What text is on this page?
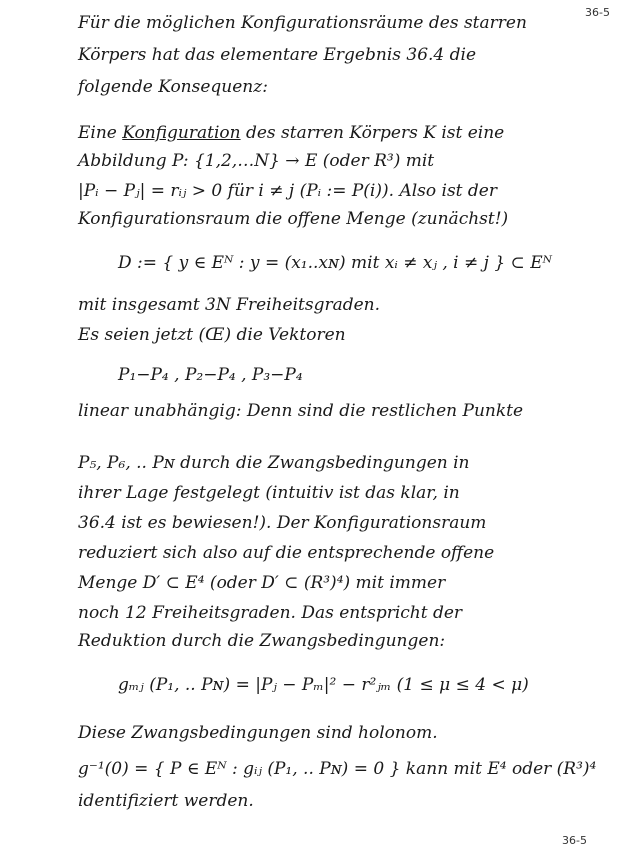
36-5
Für die möglichen Konfigurationsräume des starren
Körpers hat das elementare Ergebnis 36.4 die
folgende Konsequenz:
Eine Konfiguration des starren Körpers K ist eine
Abbildung P: {1,2,…N} → E (oder R³) mit
|Pᵢ − Pⱼ| = rᵢⱼ > 0 für i ≠ j (Pᵢ := P(i)). Also ist der
Konfigurationsraum die offene Menge (zunächst!)
D := { y ∈ Eᴺ : y = (x₁..xɴ) mit xᵢ ≠ xⱼ , i ≠ j } ⊂ Eᴺ
mit insgesamt 3N Freiheitsgraden.
Es seien jetzt (Œ) die Vektoren
P₁−P₄ , P₂−P₄ , P₃−P₄
linear unabhängig: Denn sind die restlichen Punkte
P₅, P₆, .. Pɴ durch die Zwangsbedingungen in
ihrer Lage festgelegt (intuitiv ist das klar, in
36.4 ist es bewiesen!). Der Konfigurationsraum
reduziert sich also auf die entsprechende offene
Menge D′ ⊂ E⁴ (oder D′ ⊂ (R³)⁴) mit immer
noch 12 Freiheitsgraden. Das entspricht der
Reduktion durch die Zwangsbedingungen:
gₘⱼ (P₁, .. Pɴ) = |Pⱼ − Pₘ|² − r²ⱼₘ (1 ≤ μ ≤ 4 < μ)
Diese Zwangsbedingungen sind holonom.
g⁻¹(0) = { P ∈ Eᴺ : gᵢⱼ (P₁, .. Pɴ) = 0 } kann mit E⁴ oder (R³)⁴
identifiziert werden.
36-5
